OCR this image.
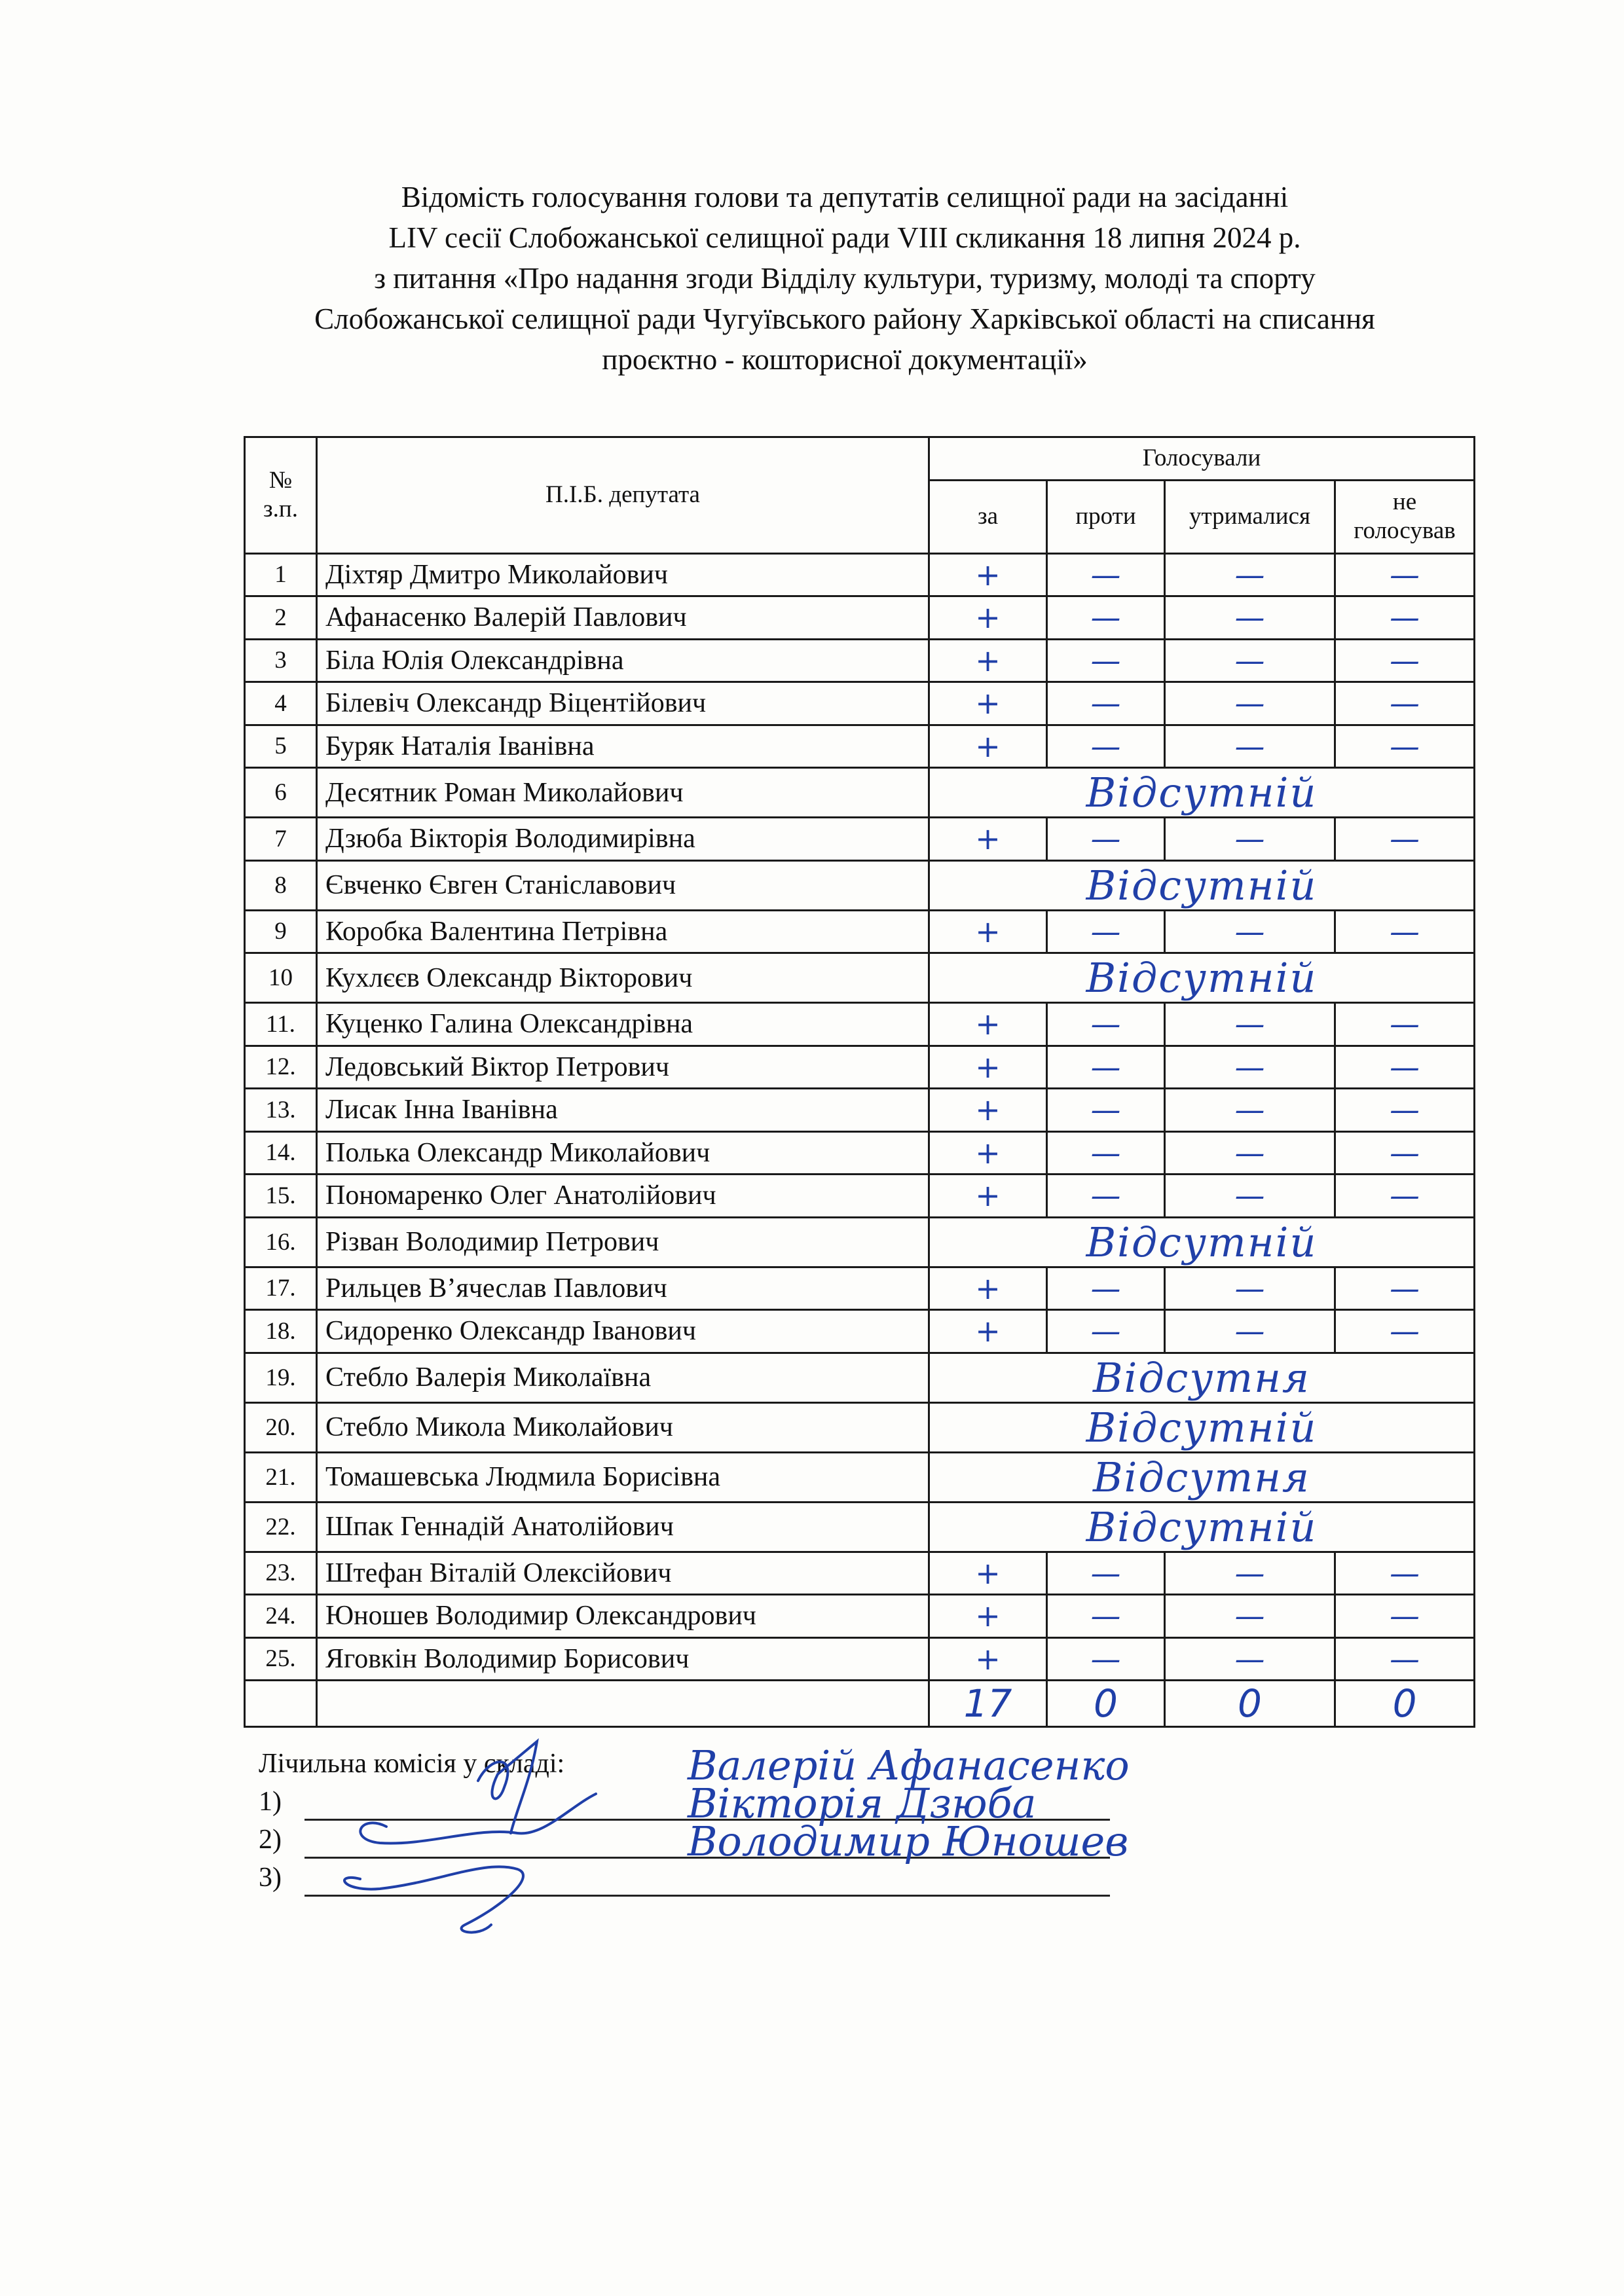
Відомість голосування голови та депутатів селищної ради на засіданні
LIV сесії Слобожанської селищної ради VIII скликання 18 липня 2024 р.
з питання «Про надання згоди Відділу культури, туризму, молоді та спорту
Слобожанської селищної ради Чугуївського району Харківської області на списання
проєктно - кошторисної документації»
№
з.п.	П.І.Б. депутата	Голосували			
		за	проти	утрималися	не
голосував

1	Діхтяр Дмитро Миколайович	+	—	—	—
2	Афанасенко Валерій Павлович	+	—	—	—
3	Біла Юлія Олександрівна	+	—	—	—
4	Білевіч Олександр Віцентійович	+	—	—	—
5	Буряк Наталія Іванівна	+	—	—	—
6	Десятник Роман Миколайович	Відсутній			
7	Дзюба Вікторія Володимирівна	+	—	—	—
8	Євченко Євген Станіславович	Відсутній			
9	Коробка Валентина Петрівна	+	—	—	—
10	Кухлєєв Олександр Вікторович	Відсутній			
11.	Куценко Галина Олександрівна	+	—	—	—
12.	Ледовський Віктор Петрович	+	—	—	—
13.	Лисак Інна Іванівна	+	—	—	—
14.	Полька Олександр Миколайович	+	—	—	—
15.	Пономаренко Олег Анатолійович	+	—	—	—
16.	Різван Володимир Петрович	Відсутній			
17.	Рильцев В’ячеслав Павлович	+	—	—	—
18.	Сидоренко Олександр Іванович	+	—	—	—
19.	Стебло Валерія Миколаївна	Відсутня			
20.	Стебло Микола Миколайович	Відсутній			
21.	Томашевська Людмила Борисівна	Відсутня			
22.	Шпак Геннадій Анатолійович	Відсутній			
23.	Штефан Віталій Олексійович	+	—	—	—
24.	Юношев Володимир Олександрович	+	—	—	—
25.	Яговкін Володимир Борисович	+	—	—	—
		17	0	0	0
Лічильна комісія у складі:
1)
2)
3)
Валерій Афанасенко
Вікторія Дзюба
Володимир Юношев
